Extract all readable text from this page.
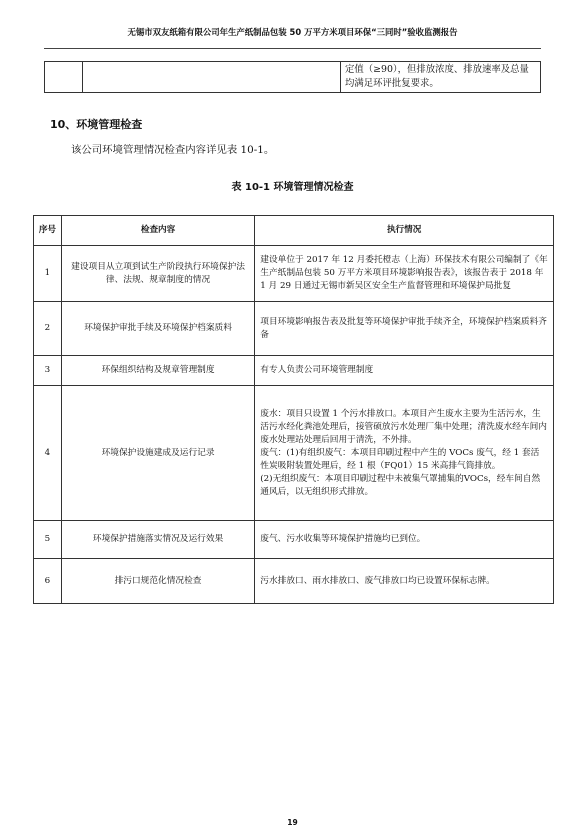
无锡市双友纸箱有限公司年生产纸制品包装 50 万平方米项目环保“三同时”验收监测报告
		定值（≥90），但排放浓度、排放速率及总量均满足环评批复要求。
10、环境管理检查
该公司环境管理情况检查内容详见表 10-1。
表 10-1 环境管理情况检查
序号	检查内容	执行情况
1	建设项目从立项到试生产阶段执行环境保护法律、法规、规章制度的情况	建设单位于 2017 年 12 月委托橙志（上海）环保技术有限公司编制了《年生产纸制品包装 50 万平方米项目环境影响报告表》，该报告表于 2018 年 1 月 29 日通过无锡市新吴区安全生产监督管理和环境保护局批复
2	环境保护审批手续及环境保护档案质料	项目环境影响报告表及批复等环境保护审批手续齐全，环境保护档案质料齐备
3	环保组织结构及规章管理制度	有专人负责公司环境管理制度
4	环境保护设施建成及运行记录	废水：项目只设置 1 个污水排放口。本项目产生废水主要为生活污水，生活污水经化粪池处理后，接管硕放污水处理厂集中处理；清洗废水经车间内废水处理站处理后回用于清洗，不外排。
废气：(1)有组织废气：本项目印刷过程中产生的 VOCs 废气，经 1 套活性炭吸附装置处理后，经 1 根（FQ01）15 米高排气筒排放。
(2)无组织废气：本项目印刷过程中未被集气罩捕集的VOCs，经车间自然通风后，以无组织形式排放。

5	环境保护措施落实情况及运行效果	废气、污水收集等环境保护措施均已到位。
6	排污口规范化情况检查	污水排放口、雨水排放口、废气排放口均已设置环保标志牌。
19
